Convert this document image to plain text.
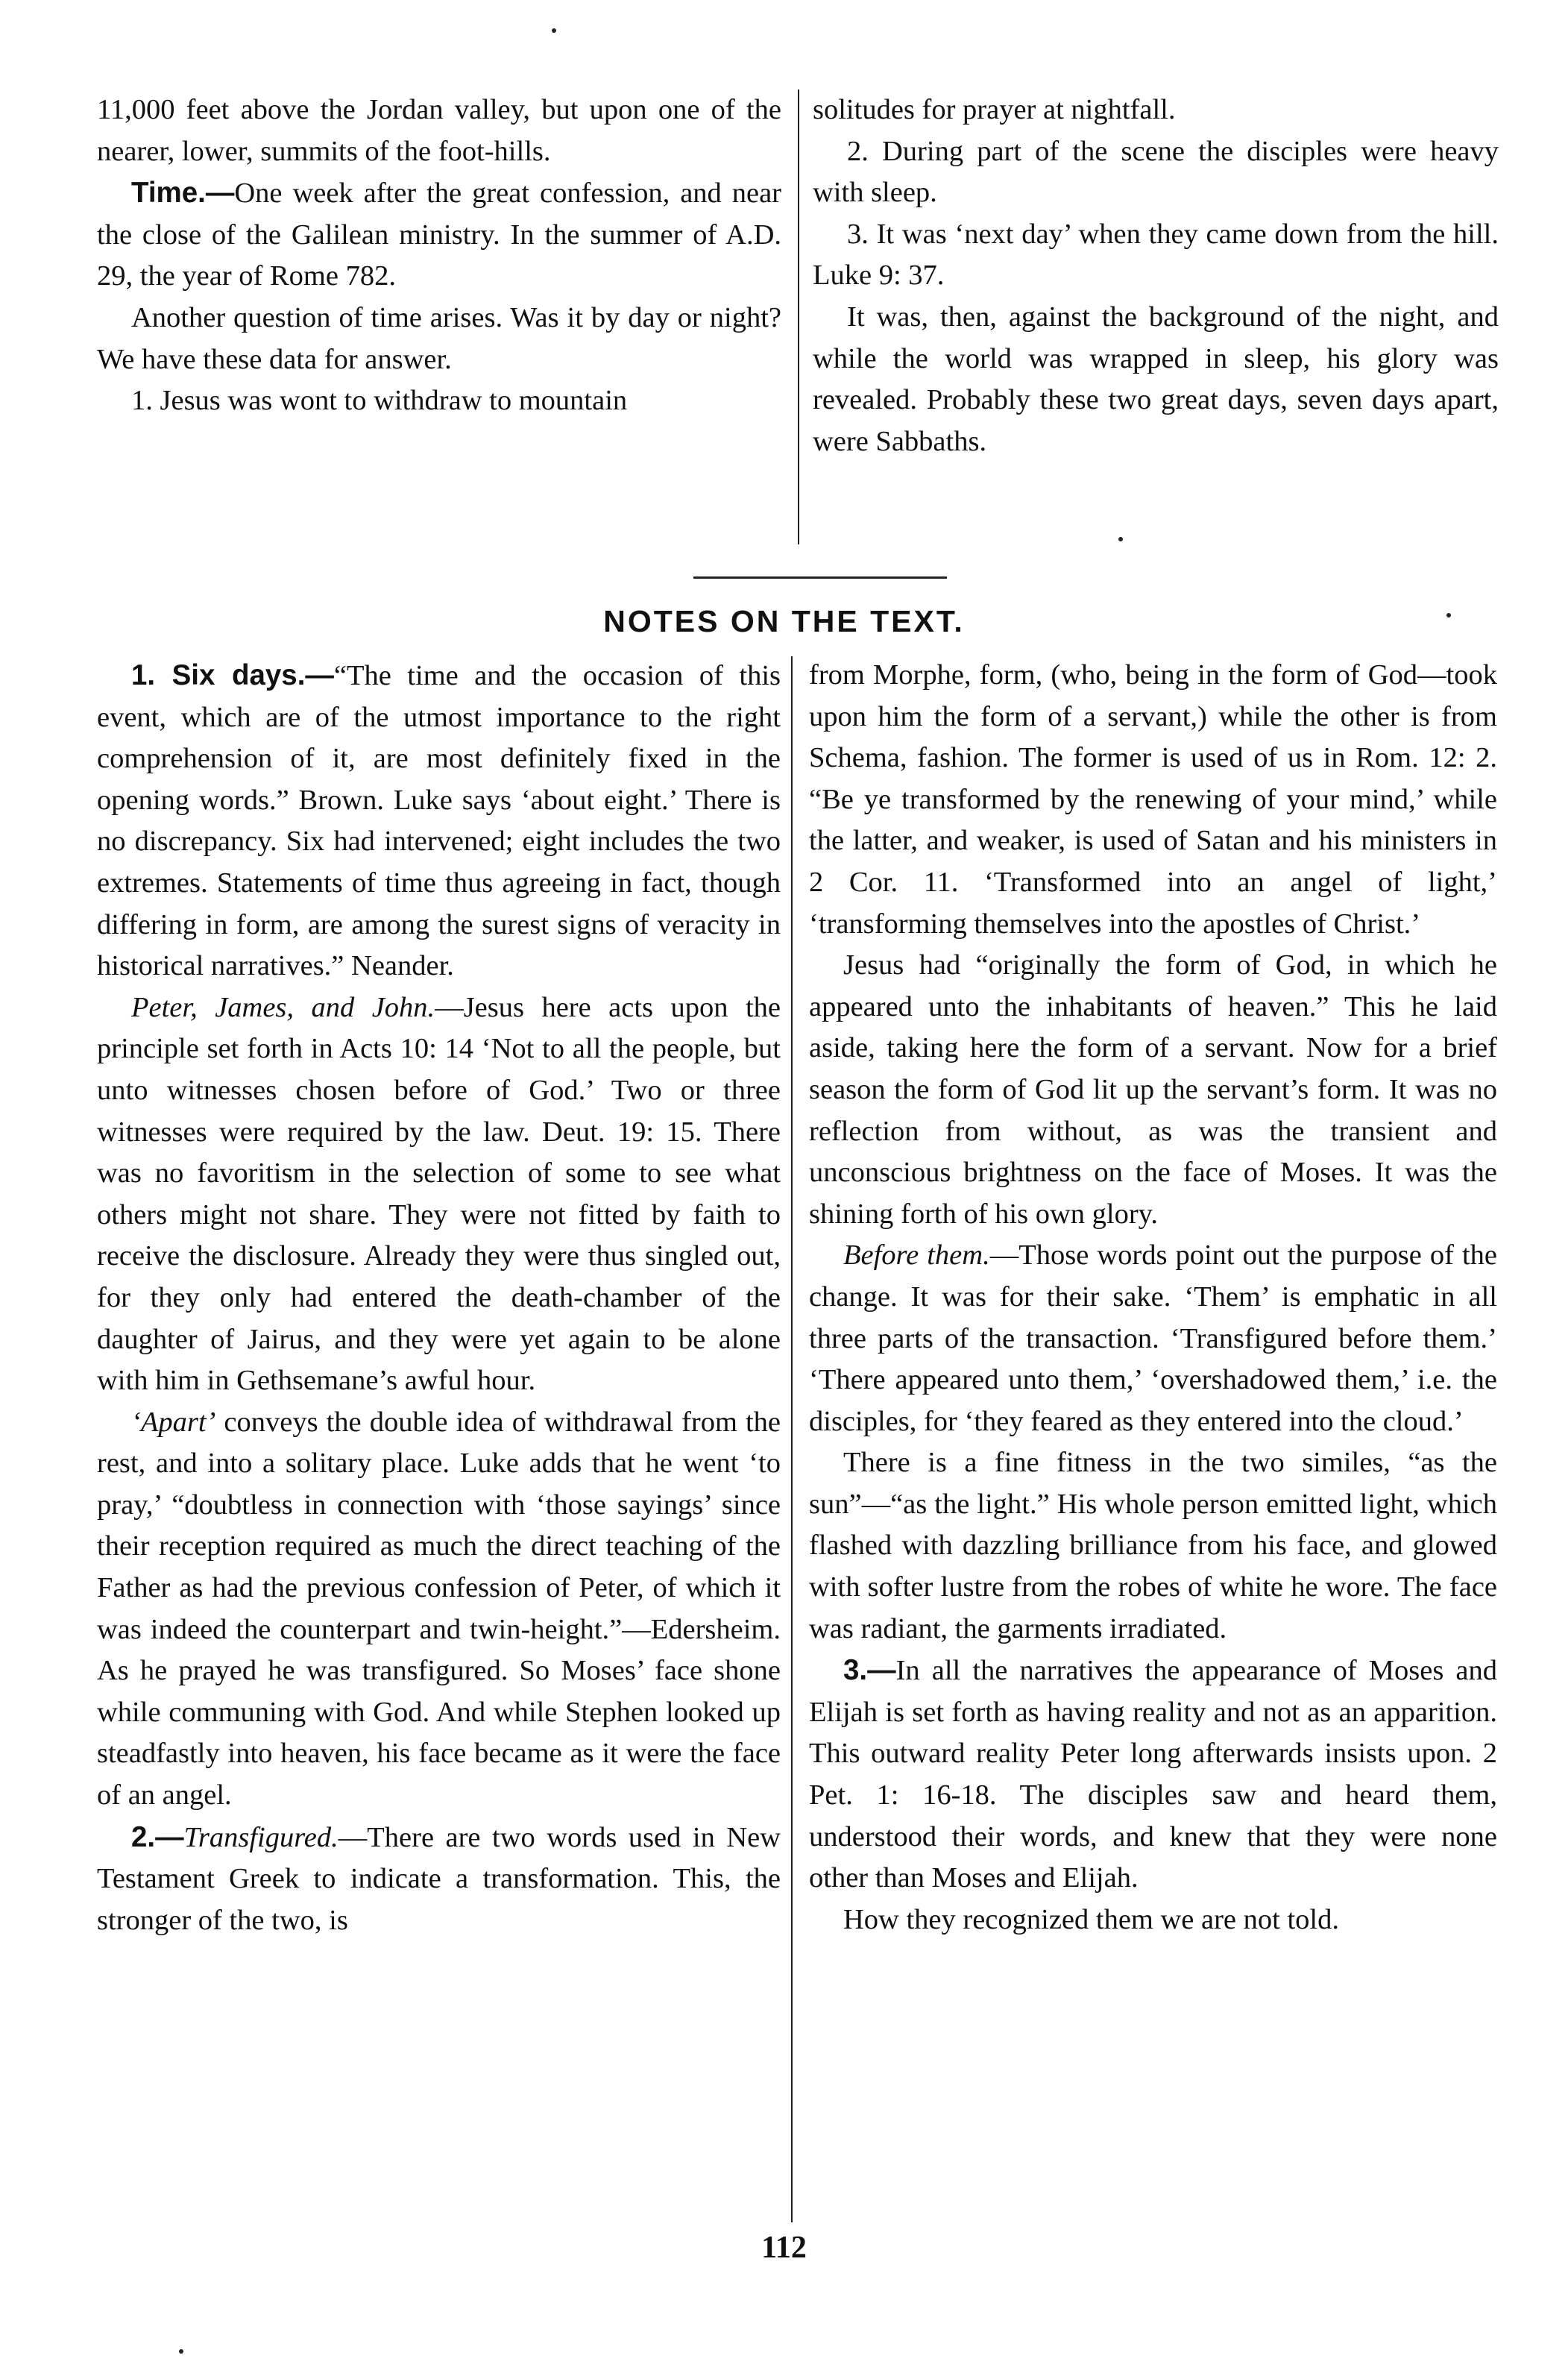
11,000 feet above the Jordan valley, but upon one of the nearer, lower, summits of the foot-hills.

Time.—One week after the great confession, and near the close of the Galilean ministry. In the summer of A.D. 29, the year of Rome 782.

Another question of time arises. Was it by day or night? We have these data for answer.

1. Jesus was wont to withdraw to mountain

solitudes for prayer at nightfall.

2. During part of the scene the disciples were heavy with sleep.

3. It was ‘next day’ when they came down from the hill. Luke 9: 37.

It was, then, against the background of the night, and while the world was wrapped in sleep, his glory was revealed. Probably these two great days, seven days apart, were Sabbaths.

NOTES ON THE TEXT.

1. Six days.—“The time and the occasion of this event, which are of the utmost importance to the right comprehension of it, are most definitely fixed in the opening words.” Brown. Luke says ‘about eight.’ There is no discrepancy. Six had intervened; eight includes the two extremes. Statements of time thus agreeing in fact, though differing in form, are among the surest signs of veracity in historical narratives.” Neander.

Peter, James, and John.—Jesus here acts upon the principle set forth in Acts 10: 14 ‘Not to all the people, but unto witnesses chosen before of God.’ Two or three witnesses were required by the law. Deut. 19: 15. There was no favoritism in the selection of some to see what others might not share. They were not fitted by faith to receive the disclosure. Already they were thus singled out, for they only had entered the death-chamber of the daughter of Jairus, and they were yet again to be alone with him in Gethsemane’s awful hour.

‘Apart’ conveys the double idea of withdrawal from the rest, and into a solitary place. Luke adds that he went ‘to pray,’ “doubtless in connection with ‘those sayings’ since their reception required as much the direct teaching of the Father as had the previous confession of Peter, of which it was indeed the counterpart and twin-height.”—Edersheim. As he prayed he was transfigured. So Moses’ face shone while communing with God. And while Stephen looked up steadfastly into heaven, his face became as it were the face of an angel.

2.—Transfigured.—There are two words used in New Testament Greek to indicate a transformation. This, the stronger of the two, is

from Morphe, form, (who, being in the form of God—took upon him the form of a servant,) while the other is from Schema, fashion. The former is used of us in Rom. 12: 2. “Be ye transformed by the renewing of your mind,’ while the latter, and weaker, is used of Satan and his ministers in 2 Cor. 11. ‘Transformed into an angel of light,’ ‘transforming themselves into the apostles of Christ.’

Jesus had “originally the form of God, in which he appeared unto the inhabitants of heaven.” This he laid aside, taking here the form of a servant. Now for a brief season the form of God lit up the servant’s form. It was no reflection from without, as was the transient and unconscious brightness on the face of Moses. It was the shining forth of his own glory.

Before them.—Those words point out the purpose of the change. It was for their sake. ‘Them’ is emphatic in all three parts of the transaction. ‘Transfigured before them.’ ‘There appeared unto them,’ ‘overshadowed them,’ i.e. the disciples, for ‘they feared as they entered into the cloud.’

There is a fine fitness in the two similes, “as the sun”—“as the light.” His whole person emitted light, which flashed with dazzling brilliance from his face, and glowed with softer lustre from the robes of white he wore. The face was radiant, the garments irradiated.

3.—In all the narratives the appearance of Moses and Elijah is set forth as having reality and not as an apparition. This outward reality Peter long afterwards insists upon. 2 Pet. 1: 16-18. The disciples saw and heard them, understood their words, and knew that they were none other than Moses and Elijah.

How they recognized them we are not told.

112
